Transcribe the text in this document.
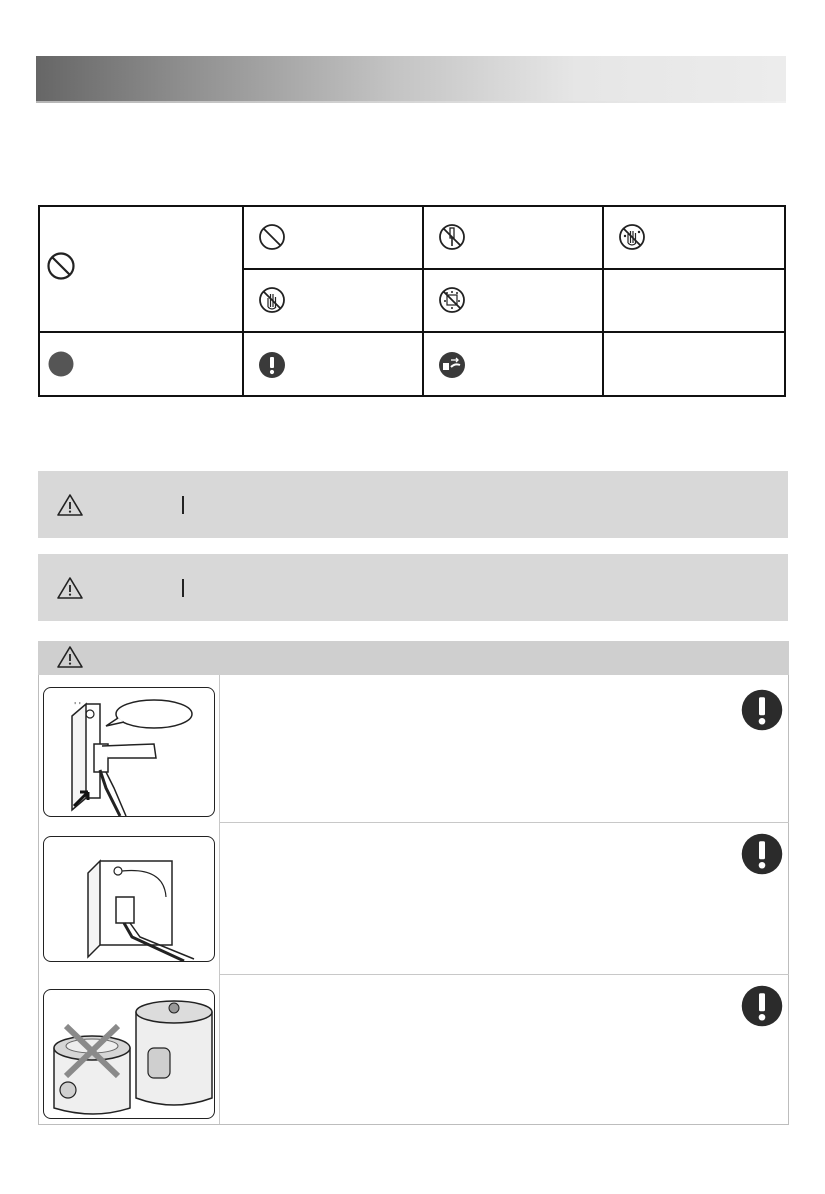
' '
